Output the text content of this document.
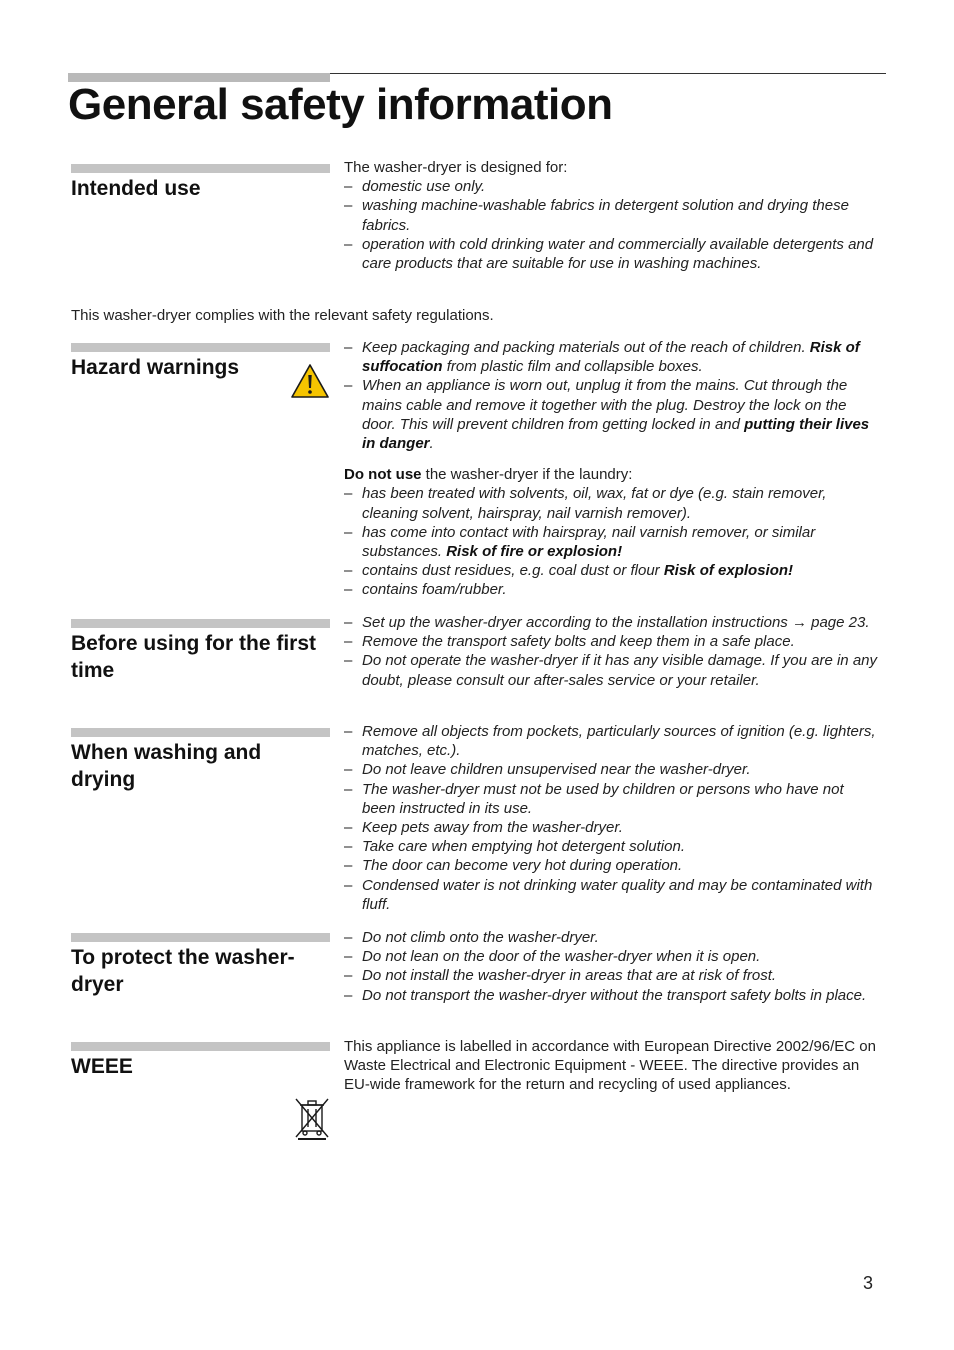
General safety information
Intended use

The washer-dryer is designed for:

– domestic use only.
– washing machine-washable fabrics in detergent solution and drying these fabrics.
– operation with cold drinking water and commercially available detergents and care products that are suitable for use in washing machines.
This washer-dryer complies with the relevant safety regulations.
Hazard warnings
– Keep packaging and packing materials out of the reach of children. Risk of suffocation from plastic film and collapsible boxes.
– When an appliance is worn out, unplug it from the mains. Cut through the mains cable and remove it together with the plug. Destroy the lock on the door. This will prevent children from getting locked in and putting their lives in danger.

Do not use the washer-dryer if the laundry:

– has been treated with solvents, oil, wax, fat or dye (e.g. stain remover, cleaning solvent, hairspray, nail varnish remover).
– has come into contact with hairspray, nail varnish remover, or similar substances. Risk of fire or explosion!
– contains dust residues, e.g. coal dust or flour Risk of explosion!
– contains foam/rubber.
Before using for the first time
– Set up the washer-dryer according to the installation instructions → page 23.
– Remove the transport safety bolts and keep them in a safe place.
– Do not operate the washer-dryer if it has any visible damage. If you are in any doubt, please consult our after-sales service or your retailer.
When washing and drying
– Remove all objects from pockets, particularly sources of ignition (e.g. lighters, matches, etc.).
– Do not leave children unsupervised near the washer-dryer.
– The washer-dryer must not be used by children or persons who have not been instructed in its use.
– Keep pets away from the washer-dryer.
– Take care when emptying hot detergent solution.
– The door can become very hot during operation.
– Condensed water is not drinking water quality and may be contaminated with fluff.
To protect the washer-dryer
– Do not climb onto the washer-dryer.
– Do not lean on the door of the washer-dryer when it is open.
– Do not install the washer-dryer in areas that are at risk of frost.
– Do not transport the washer-dryer without the transport safety bolts in place.
WEEE

This appliance is labelled in accordance with European Directive 2002/96/EC on Waste Electrical and Electronic Equipment - WEEE. The directive provides an EU-wide framework for the return and recycling of used appliances.

3
